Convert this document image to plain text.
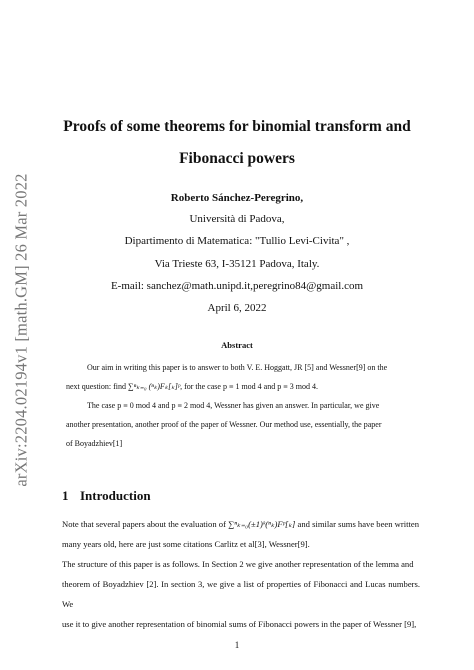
arXiv:2204.02194v1 [math.GM] 26 Mar 2022
Proofs of some theorems for binomial transform and
Fibonacci powers
Roberto Sánchez-Peregrino,
Università di Padova,
Dipartimento di Matematica: "Tullio Levi-Civita" ,
Via Trieste 63, I-35121 Padova, Italy.
E-mail: sanchez@math.unipd.it,peregrino84@gmail.com
April 6, 2022
Abstract

Our aim in writing this paper is to answer to both V. E. Hoggatt, JR [5] and Wessner[9] on the

next question: find ∑ⁿₖ₌₀ (ⁿₖ)Fₖ[ₖ]ᵖ, for the case p ≡ 1 mod 4 and p ≡ 3 mod 4.

The case p ≡ 0 mod 4 and p ≡ 2 mod 4, Wessner has given an answer. In particular, we give

another presentation, another proof of the paper of Wessner. Our method use, essentially, the paper
of Boyadzhiev[1]
1 Introduction

Note that several papers about the evaluation of ∑ⁿₖ₌₀(±1)ᵏ(ⁿₖ)Fᵖ[ₖ] and similar sums have been written

many years old, here are just some citations Carlitz et al[3], Wessner[9].

The structure of this paper is as follows. In Section 2 we give another representation of the lemma and

theorem of Boyadzhiev [2]. In section 3, we give a list of properties of Fibonacci and Lucas numbers. We

use it to give another representation of binomial sums of Fibonacci powers in the paper of Wessner [9],

1
